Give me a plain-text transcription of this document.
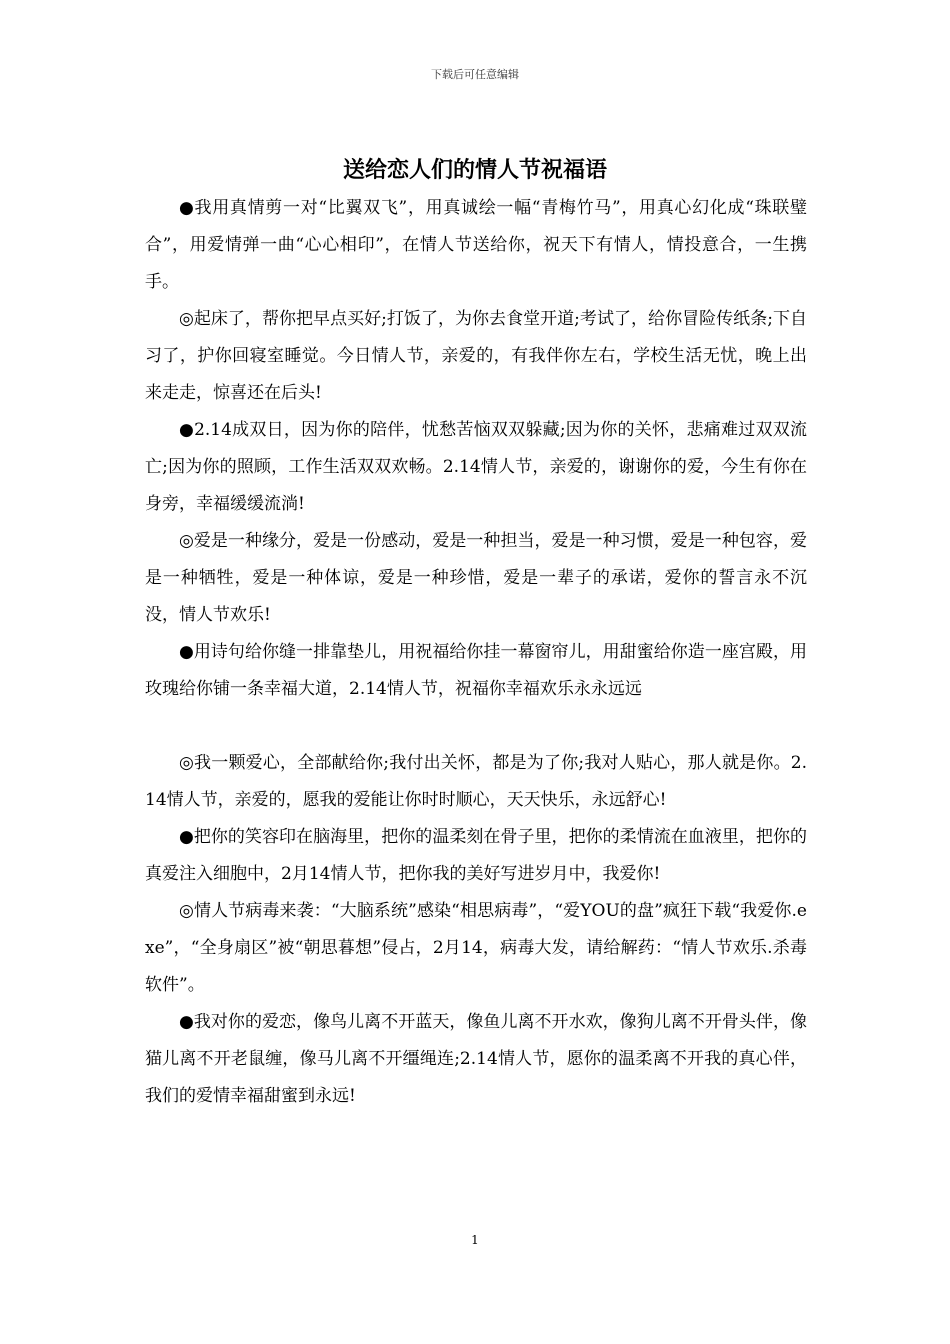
下载后可任意编辑
送给恋人们的情人节祝福语

●我用真情剪一对“比翼双飞”，用真诚绘一幅“青梅竹马”，用真心幻化成“珠联璧合”，用爱情弹一曲“心心相印”，在情人节送给你，祝天下有情人，情投意合，一生携手。

◎起床了，帮你把早点买好;打饭了，为你去食堂开道;考试了，给你冒险传纸条;下自习了，护你回寝室睡觉。今日情人节，亲爱的，有我伴你左右，学校生活无忧，晚上出来走走，惊喜还在后头!

●2.14成双日，因为你的陪伴，忧愁苦恼双双躲藏;因为你的关怀，悲痛难过双双流亡;因为你的照顾，工作生活双双欢畅。2.14情人节，亲爱的，谢谢你的爱，今生有你在身旁，幸福缓缓流淌!

◎爱是一种缘分，爱是一份感动，爱是一种担当，爱是一种习惯，爱是一种包容，爱是一种牺牲，爱是一种体谅，爱是一种珍惜，爱是一辈子的承诺，爱你的誓言永不沉没，情人节欢乐!

●用诗句给你缝一排靠垫儿，用祝福给你挂一幕窗帘儿，用甜蜜给你造一座宫殿，用玫瑰给你铺一条幸福大道，2.14情人节，祝福你幸福欢乐永永远远

◎我一颗爱心，全部献给你;我付出关怀，都是为了你;我对人贴心，那人就是你。2.14情人节，亲爱的，愿我的爱能让你时时顺心，天天快乐，永远舒心!

●把你的笑容印在脑海里，把你的温柔刻在骨子里，把你的柔情流在血液里，把你的真爱注入细胞中，2月14情人节，把你我的美好写进岁月中，我爱你!

◎情人节病毒来袭：“大脑系统”感染“相思病毒”，“爱YOU的盘”疯狂下载“我爱你.exe”，“全身扇区”被“朝思暮想”侵占，2月14，病毒大发，请给解药：“情人节欢乐.杀毒软件”。

●我对你的爱恋，像鸟儿离不开蓝天，像鱼儿离不开水欢，像狗儿离不开骨头伴，像猫儿离不开老鼠缠，像马儿离不开缰绳连;2.14情人节，愿你的温柔离不开我的真心伴，我们的爱情幸福甜蜜到永远!

1
